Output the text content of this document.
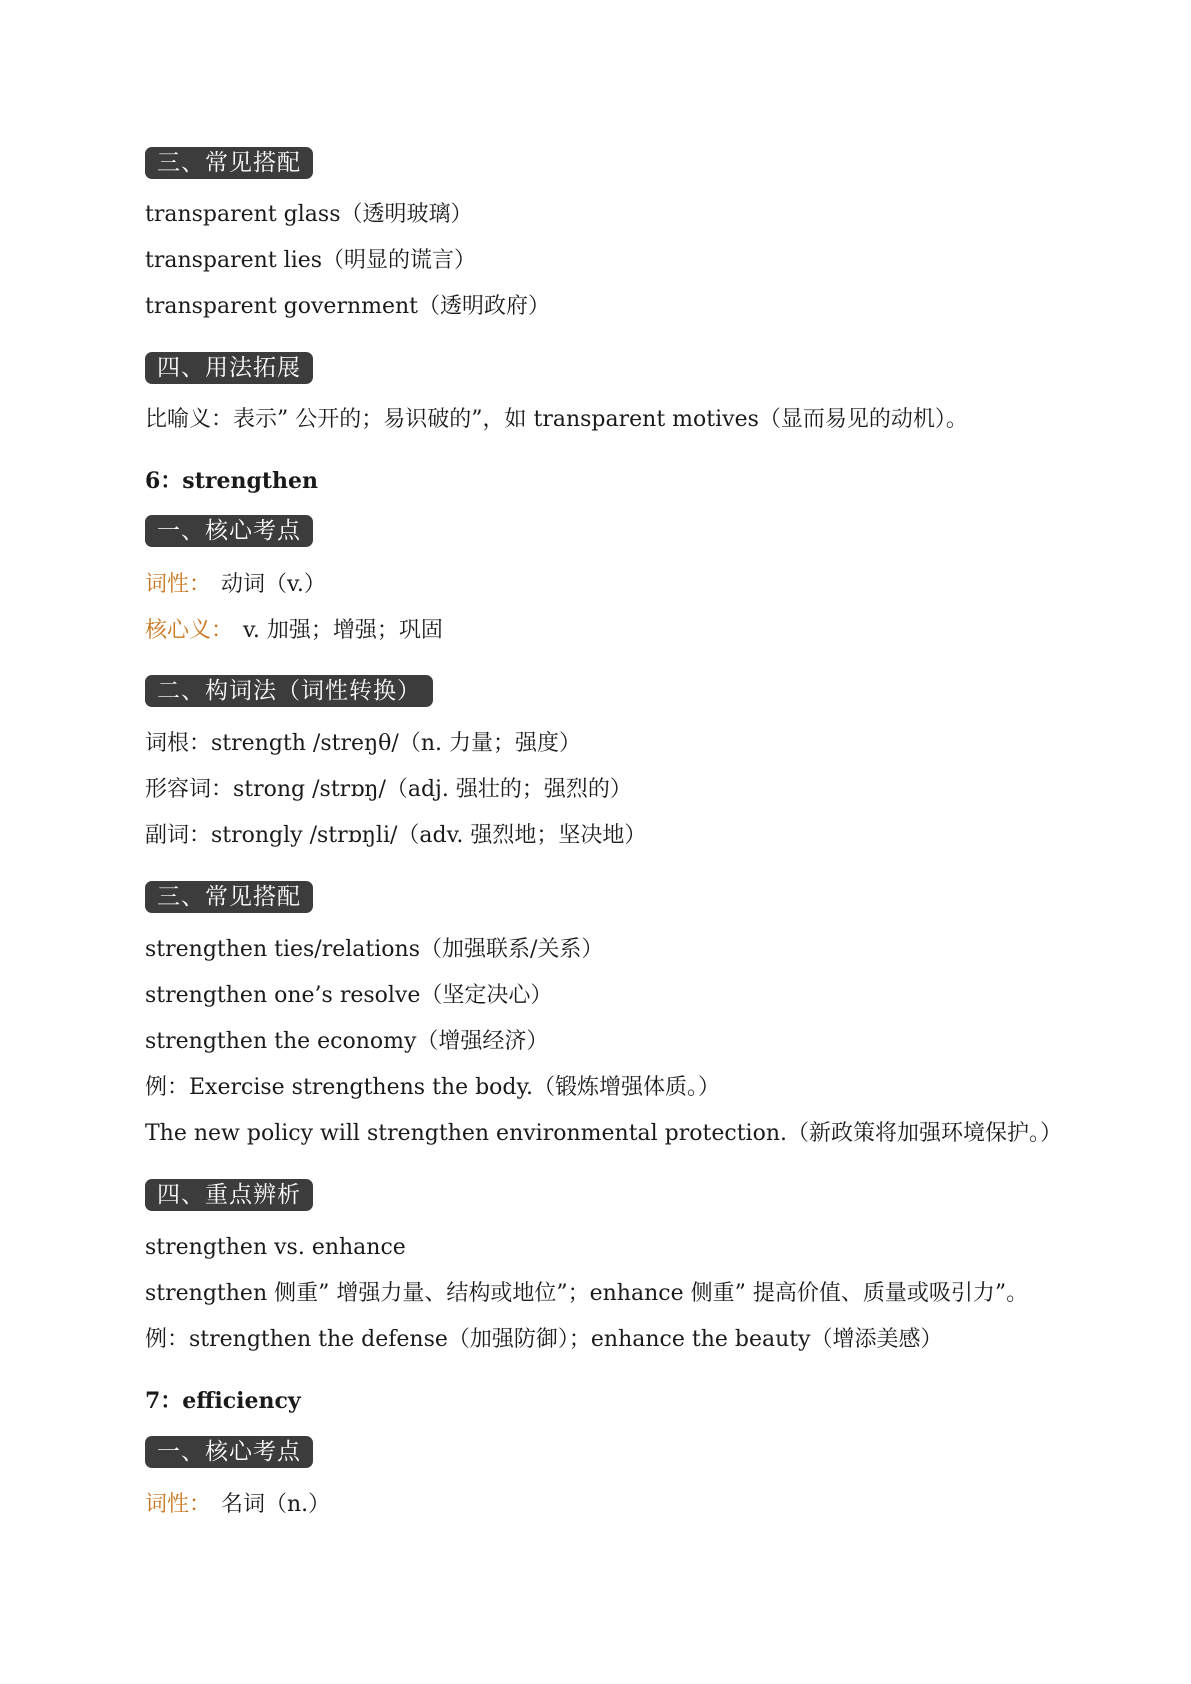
三、常见搭配
transparent glass（透明玻璃）
transparent lies（明显的谎言）
transparent government（透明政府）
四、用法拓展
比喻义：表示” 公开的；易识破的”，如 transparent motives（显而易见的动机）。
6：strengthen
一、核心考点
词性： 动词（v.）
核心义： v. 加强；增强；巩固
二、构词法（词性转换）
词根：strength /streŋθ/（n. 力量；强度）
形容词：strong /strɒŋ/（adj. 强壮的；强烈的）
副词：strongly /strɒŋli/（adv. 强烈地；坚决地）
三、常见搭配
strengthen ties/relations（加强联系/关系）
strengthen one’s resolve（坚定决心）
strengthen the economy（增强经济）
例：Exercise strengthens the body.（锻炼增强体质。）
The new policy will strengthen environmental protection.（新政策将加强环境保护。）
四、重点辨析
strengthen vs. enhance
strengthen 侧重” 增强力量、结构或地位”；enhance 侧重” 提高价值、质量或吸引力”。
例：strengthen the defense（加强防御）；enhance the beauty（增添美感）
7：efficiency
一、核心考点
词性： 名词（n.）
